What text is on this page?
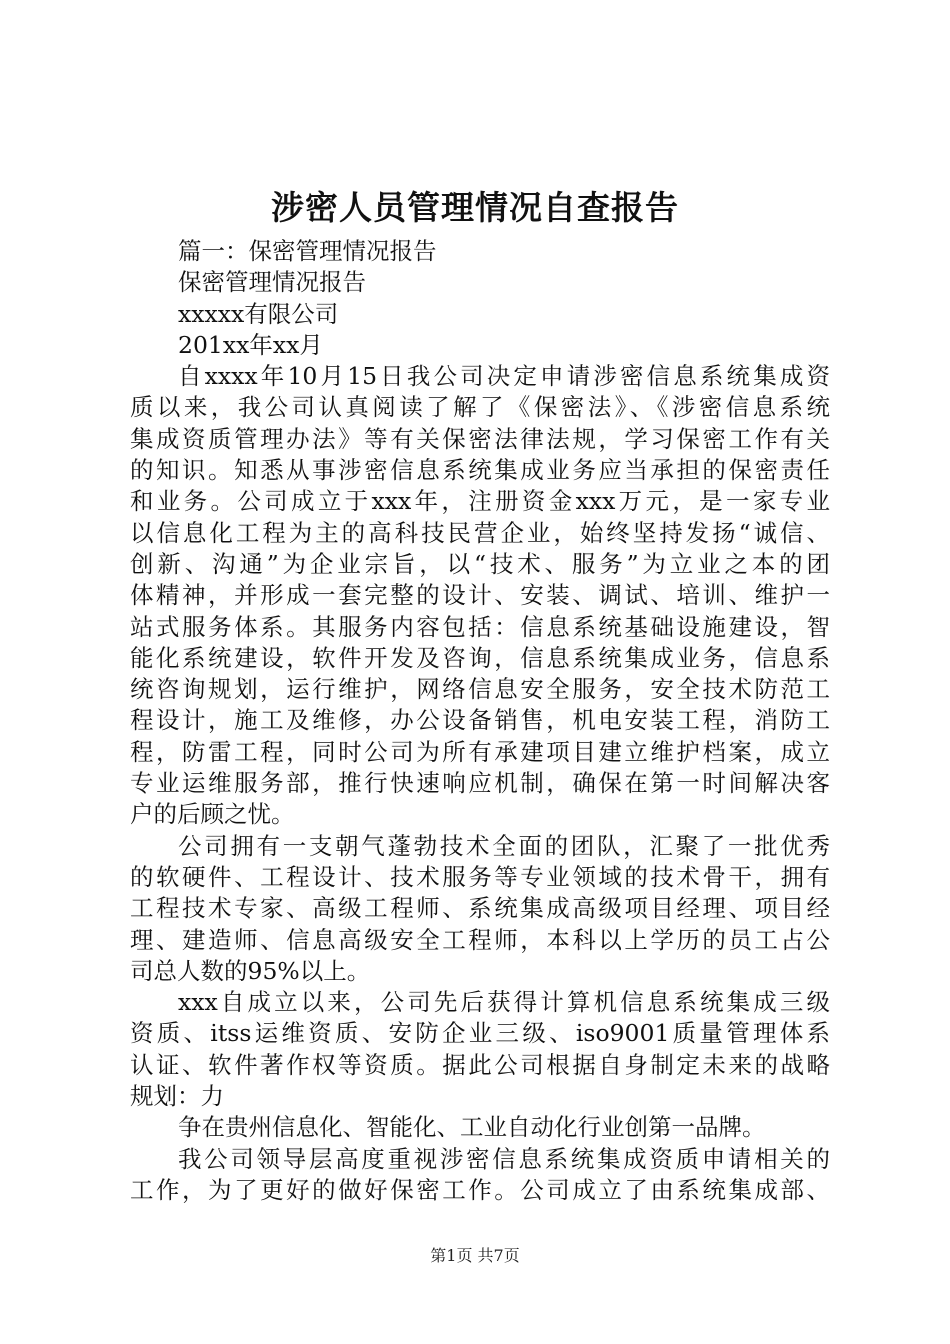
涉密人员管理情况自查报告
篇一：保密管理情况报告
保密管理情况报告
xxxxx有限公司
201xx年xx月
自xxxx年10月15日我公司决定申请涉密信息系统集成资
质以来，我公司认真阅读了解了《保密法》、《涉密信息系统
集成资质管理办法》等有关保密法律法规，学习保密工作有关
的知识。知悉从事涉密信息系统集成业务应当承担的保密责任
和业务。公司成立于xxx年，注册资金xxx万元，是一家专业
以信息化工程为主的高科技民营企业，始终坚持发扬“诚信、
创新、沟通”为企业宗旨，以“技术、服务”为立业之本的团
体精神，并形成一套完整的设计、安装、调试、培训、维护一
站式服务体系。其服务内容包括：信息系统基础设施建设，智
能化系统建设，软件开发及咨询，信息系统集成业务，信息系
统咨询规划，运行维护，网络信息安全服务，安全技术防范工
程设计，施工及维修，办公设备销售，机电安装工程，消防工
程，防雷工程，同时公司为所有承建项目建立维护档案，成立
专业运维服务部，推行快速响应机制，确保在第一时间解决客
户的后顾之忧。
公司拥有一支朝气蓬勃技术全面的团队，汇聚了一批优秀
的软硬件、工程设计、技术服务等专业领域的技术骨干，拥有
工程技术专家、高级工程师、系统集成高级项目经理、项目经
理、建造师、信息高级安全工程师，本科以上学历的员工占公
司总人数的95%以上。
xxx自成立以来，公司先后获得计算机信息系统集成三级
资质、itss运维资质、安防企业三级、iso9001质量管理体系
认证、软件著作权等资质。据此公司根据自身制定未来的战略
规划：力
争在贵州信息化、智能化、工业自动化行业创第一品牌。
我公司领导层高度重视涉密信息系统集成资质申请相关的
工作，为了更好的做好保密工作。公司成立了由系统集成部、
第1页 共7页
